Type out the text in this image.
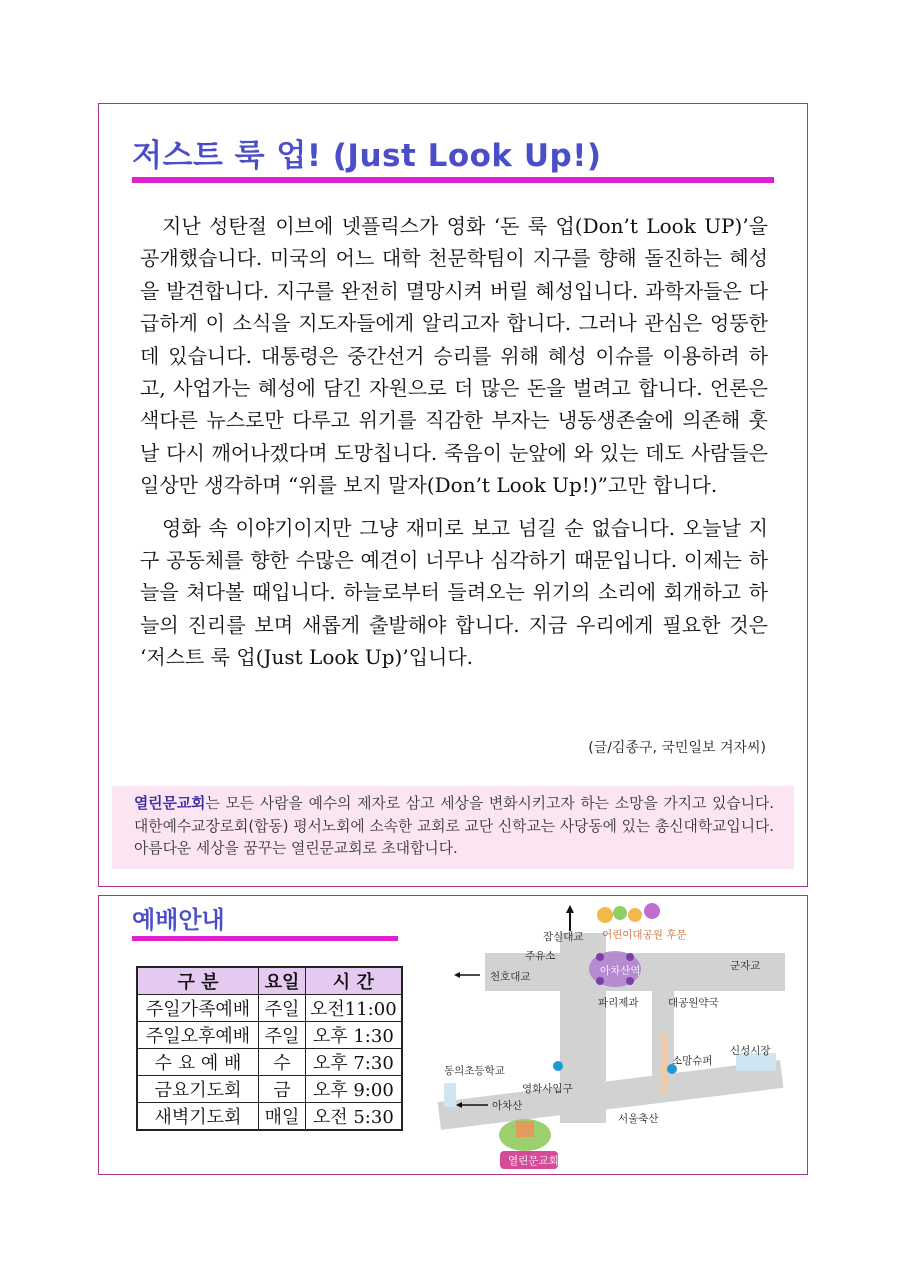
저스트 룩 업! (Just Look Up!)

지난 성탄절 이브에 넷플릭스가 영화 ‘돈 룩 업(Don’t Look UP)’을 공개했습니다. 미국의 어느 대학 천문학팀이 지구를 향해 돌진하는 혜성을 발견합니다. 지구를 완전히 멸망시켜 버릴 혜성입니다. 과학자들은 다급하게 이 소식을 지도자들에게 알리고자 합니다. 그러나 관심은 엉뚱한 데 있습니다. 대통령은 중간선거 승리를 위해 혜성 이슈를 이용하려 하고, 사업가는 혜성에 담긴 자원으로 더 많은 돈을 벌려고 합니다. 언론은 색다른 뉴스로만 다루고 위기를 직감한 부자는 냉동생존술에 의존해 훗날 다시 깨어나겠다며 도망칩니다. 죽음이 눈앞에 와 있는 데도 사람들은 일상만 생각하며 “위를 보지 말자(Don’t Look Up!)”고만 합니다.

영화 속 이야기이지만 그냥 재미로 보고 넘길 순 없습니다. 오늘날 지구 공동체를 향한 수많은 예견이 너무나 심각하기 때문입니다. 이제는 하늘을 쳐다볼 때입니다. 하늘로부터 들려오는 위기의 소리에 회개하고 하늘의 진리를 보며 새롭게 출발해야 합니다. 지금 우리에게 필요한 것은 ‘저스트 룩 업(Just Look Up)’입니다.

(글/김종구, 국민일보 겨자씨)
열린문교회는 모든 사람을 예수의 제자로 삼고 세상을 변화시키고자 하는 소망을 가지고 있습니다. 대한예수교장로회(합동) 평서노회에 소속한 교회로 교단 신학교는 사당동에 있는 총신대학교입니다. 아름다운 세상을 꿈꾸는 열린문교회로 초대합니다.
예배안내
구 분	요일	시 간
주일가족예배	주일	오전11:00
주일오후예배	주일	오후 1:30
수 요 예 배	수	오후 7:30
금요기도회	금	오후 9:00
새벽기도회	매일	오전 5:30
잠실대교 어린이대공원 후문
주유소
천호대교	아차산역	군자교
파리제과	대공원약국
동의초등학교
소망슈퍼
신성시장
영화사입구
아차산
서울축산
열린문교회
